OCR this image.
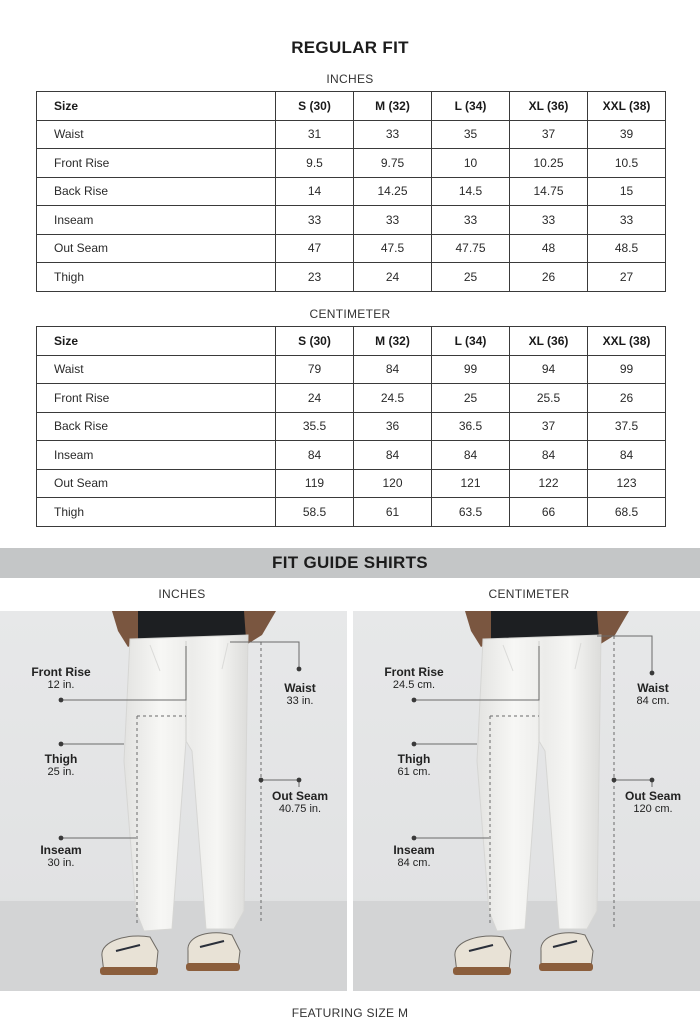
REGULAR FIT
INCHES
Size	S (30)	M (32)	L (34)	XL (36)	XXL (38)
Waist	31	33	35	37	39
Front Rise	9.5	9.75	10	10.25	10.5
Back Rise	14	14.25	14.5	14.75	15
Inseam	33	33	33	33	33
Out Seam	47	47.5	47.75	48	48.5
Thigh	23	24	25	26	27
CENTIMETER
Size	S (30)	M (32)	L (34)	XL (36)	XXL (38)
Waist	79	84	99	94	99
Front Rise	24	24.5	25	25.5	26
Back Rise	35.5	36	36.5	37	37.5
Inseam	84	84	84	84	84
Out Seam	119	120	121	122	123
Thigh	58.5	61	63.5	66	68.5
FIT GUIDE SHIRTS
INCHES	CENTIMETER
Front Rise
12 in.
Thigh
25 in.
Inseam
30 in.
Waist
33 in.
Out Seam
40.75 in.
Front Rise
24.5 cm.
Thigh
61 cm.
Inseam
84 cm.
Waist
84 cm.
Out Seam
120 cm.
FEATURING SIZE M
